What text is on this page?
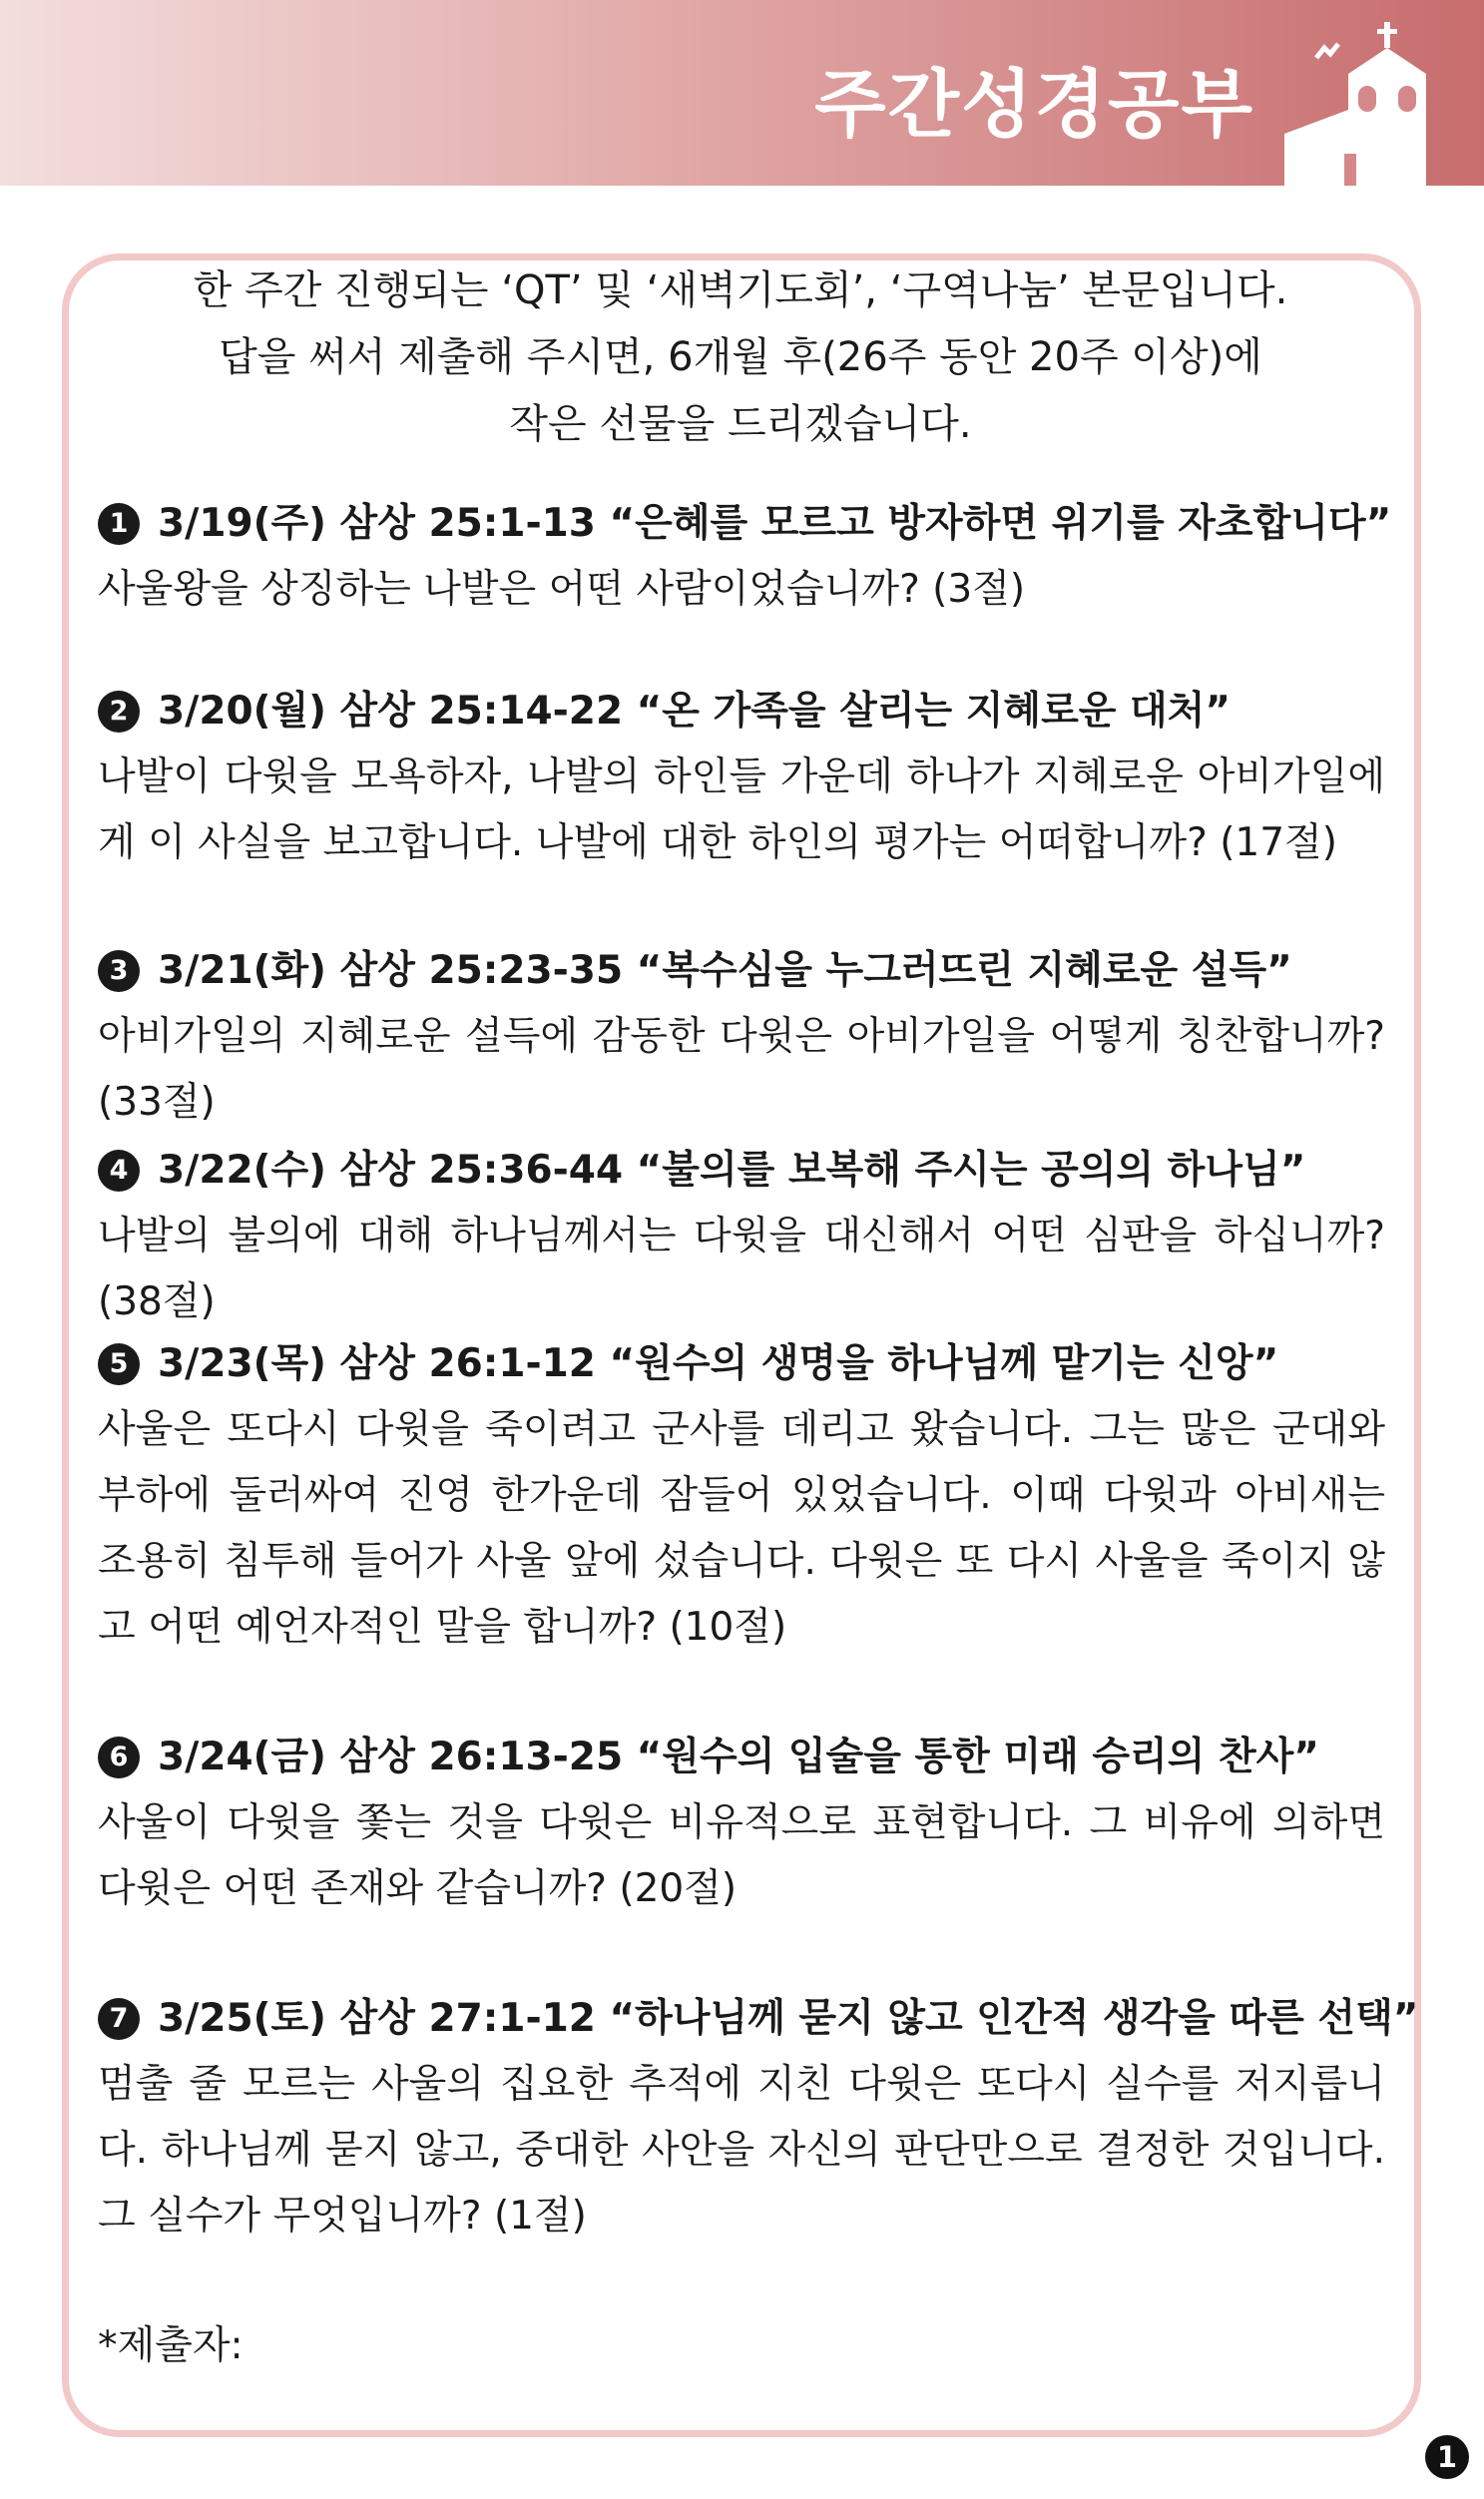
주간성경공부
한 주간 진행되는 ‘QT’ 및 ‘새벽기도회’, ‘구역나눔’ 본문입니다.
답을 써서 제출해 주시면, 6개월 후(26주 동안 20주 이상)에
작은 선물을 드리겠습니다.
1 3/19(주) 삼상 25:1-13 “은혜를 모르고 방자하면 위기를 자초합니다”
사울왕을 상징하는 나발은 어떤 사람이었습니까? (3절)
2 3/20(월) 삼상 25:14-22 “온 가족을 살리는 지혜로운 대처”
나발이 다윗을 모욕하자, 나발의 하인들 가운데 하나가 지혜로운 아비가일에게 이 사실을 보고합니다. 나발에 대한 하인의 평가는 어떠합니까? (17절)
3 3/21(화) 삼상 25:23-35 “복수심을 누그러뜨린 지혜로운 설득”
아비가일의 지혜로운 설득에 감동한 다윗은 아비가일을 어떻게 칭찬합니까? (33절)
4 3/22(수) 삼상 25:36-44 “불의를 보복해 주시는 공의의 하나님”
나발의 불의에 대해 하나님께서는 다윗을 대신해서 어떤 심판을 하십니까? (38절)
5 3/23(목) 삼상 26:1-12 “원수의 생명을 하나님께 맡기는 신앙”
사울은 또다시 다윗을 죽이려고 군사를 데리고 왔습니다. 그는 많은 군대와 부하에 둘러싸여 진영 한가운데 잠들어 있었습니다. 이때 다윗과 아비새는 조용히 침투해 들어가 사울 앞에 섰습니다. 다윗은 또 다시 사울을 죽이지 않고 어떤 예언자적인 말을 합니까? (10절)
6 3/24(금) 삼상 26:13-25 “원수의 입술을 통한 미래 승리의 찬사”
사울이 다윗을 쫓는 것을 다윗은 비유적으로 표현합니다. 그 비유에 의하면 다윗은 어떤 존재와 같습니까? (20절)
7 3/25(토) 삼상 27:1-12 “하나님께 묻지 않고 인간적 생각을 따른 선택”
멈출 줄 모르는 사울의 집요한 추적에 지친 다윗은 또다시 실수를 저지릅니다. 하나님께 묻지 않고, 중대한 사안을 자신의 판단만으로 결정한 것입니다. 그 실수가 무엇입니까? (1절)
*제출자:
1
